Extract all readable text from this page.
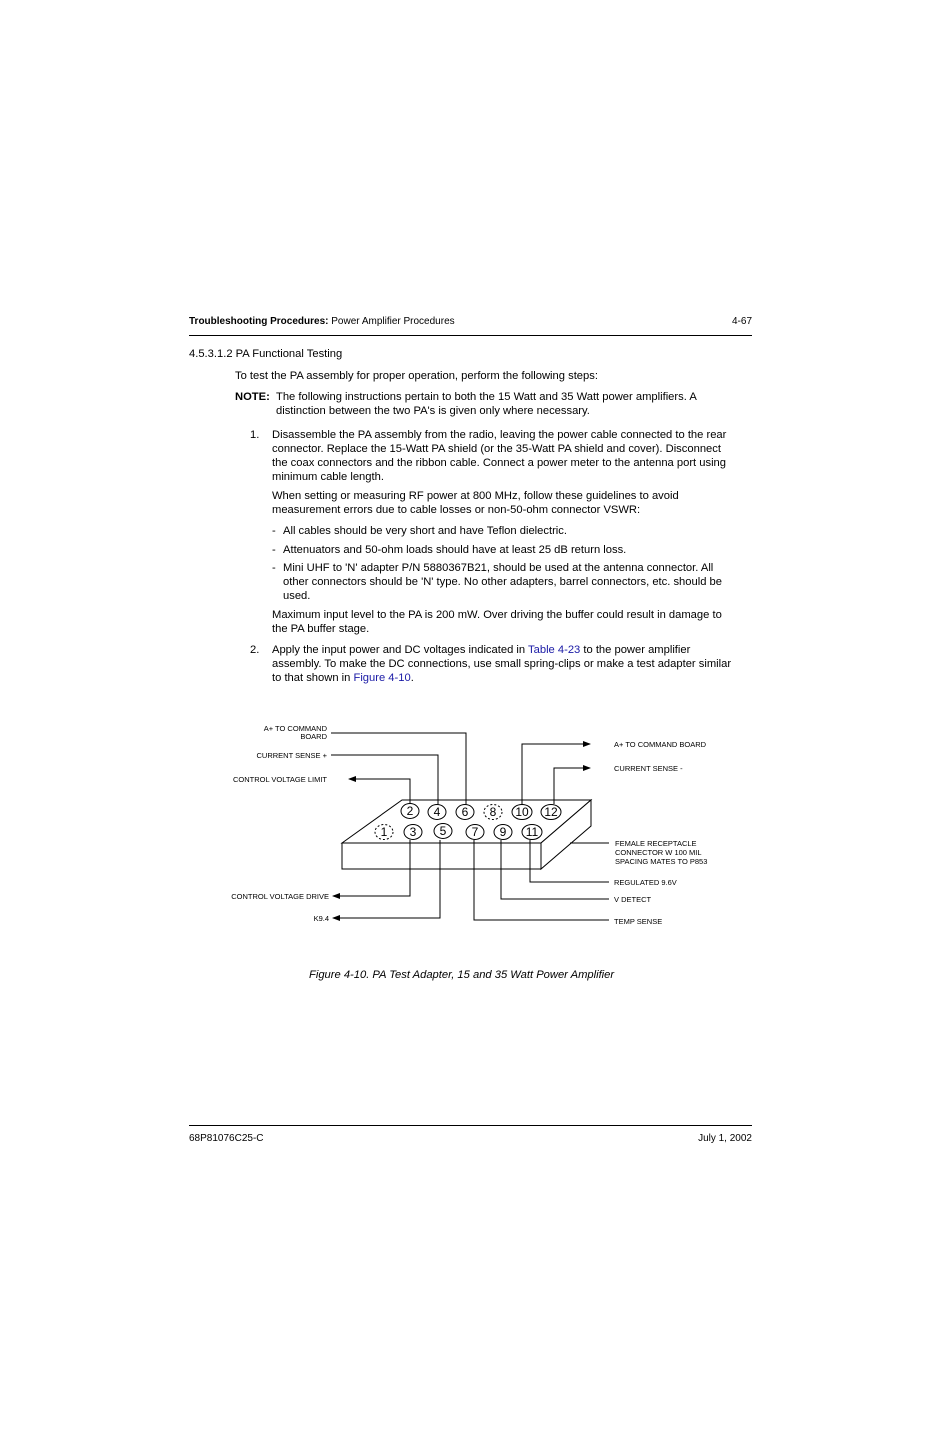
Troubleshooting Procedures: Power Amplifier Procedures	4-67
4.5.3.1.2 PA Functional Testing
To test the PA assembly for proper operation, perform the following steps:
NOTE: The following instructions pertain to both the 15 Watt and 35 Watt power amplifiers. A
distinction between the two PA's is given only where necessary.
1. Disassemble the PA assembly from the radio, leaving the power cable connected to the rear
connector. Replace the 15-Watt PA shield (or the 35-Watt PA shield and cover). Disconnect
the coax connectors and the ribbon cable. Connect a power meter to the antenna port using
minimum cable length.
When setting or measuring RF power at 800 MHz, follow these guidelines to avoid
measurement errors due to cable losses or non-50-ohm connector VSWR:
- All cables should be very short and have Teflon dielectric.
- Attenuators and 50-ohm loads should have at least 25 dB return loss.
- Mini UHF to 'N' adapter P/N 5880367B21, should be used at the antenna connector. All
other connectors should be 'N' type. No other adapters, barrel connectors, etc. should be
used.
Maximum input level to the PA is 200 mW. Over driving the buffer could result in damage to
the PA buffer stage.
2. Apply the input power and DC voltages indicated in Table 4-23 to the power amplifier
assembly. To make the DC connections, use small spring-clips or make a test adapter similar
to that shown in Figure 4-10.
2 4 6 8 10 12
1 3 5 7 9 11
A+ TO COMMAND
BOARD
CURRENT SENSE +
CONTROL VOLTAGE LIMIT
CONTROL VOLTAGE DRIVE
K9.4
A+ TO COMMAND BOARD
CURRENT SENSE -
FEMALE RECEPTACLE
CONNECTOR W 100 MIL
SPACING MATES TO P853
REGULATED 9.6V
V DETECT
TEMP SENSE
Figure 4-10. PA Test Adapter, 15 and 35 Watt Power Amplifier
68P81076C25-C	July 1, 2002
